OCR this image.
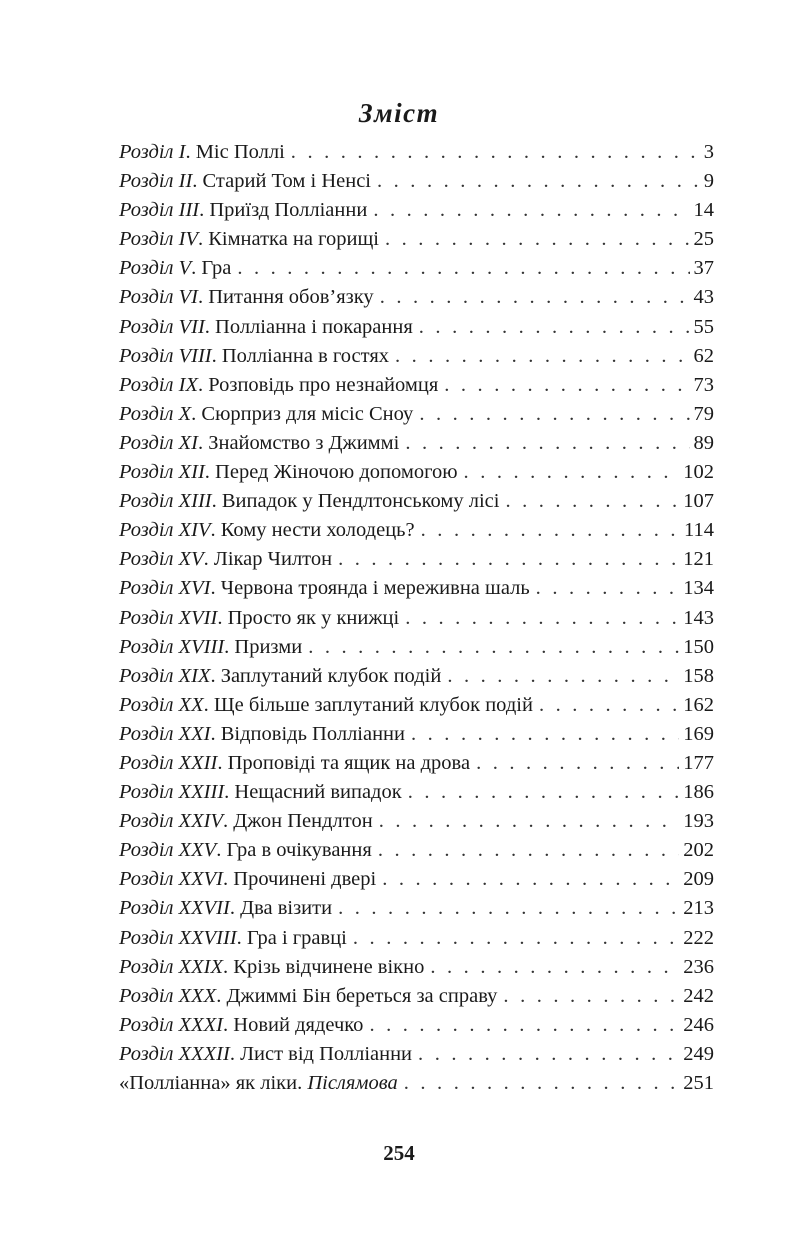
Зміст
Розділ I. Міс Поллі . . .	3
Розділ II. Старий Том і Ненсі . . .	9
Розділ III. Приїзд Полліанни . . .	14
Розділ IV. Кімнатка на горищі . . .	25
Розділ V. Гра . . .	37
Розділ VI. Питання обов’язку . . .	43
Розділ VII. Полліанна і покарання . . .	55
Розділ VIII. Полліанна в гостях . . .	62
Розділ IX. Розповідь про незнайомця . . .	73
Розділ X. Сюрприз для місіс Сноу . . .	79
Розділ XI. Знайомство з Джиммі . . .	89
Розділ XII. Перед Жіночою допомогою . . .	102
Розділ XIII. Випадок у Пендлтонському лісі . . .	107
Розділ XIV. Кому нести холодець? . . .	114
Розділ XV. Лікар Чилтон . . .	121
Розділ XVI. Червона троянда і мереживна шаль . . .	134
Розділ XVII. Просто як у книжці . . .	143
Розділ XVIII. Призми . . .	150
Розділ XIX. Заплутаний клубок подій . . .	158
Розділ XX. Ще більше заплутаний клубок подій . . .	162
Розділ XXI. Відповідь Полліанни . . .	169
Розділ XXII. Проповіді та ящик на дрова . . .	177
Розділ XXIII. Нещасний випадок . . .	186
Розділ XXIV. Джон Пендлтон . . .	193
Розділ XXV. Гра в очікування . . .	202
Розділ XXVI. Прочинені двері . . .	209
Розділ XXVII. Два візити . . .	213
Розділ XXVIII. Гра і гравці . . .	222
Розділ XXIX. Крізь відчинене вікно . . .	236
Розділ XXX. Джиммі Бін береться за справу . . .	242
Розділ XXXI. Новий дядечко . . .	246
Розділ XXXII. Лист від Полліанни . . .	249
«Полліанна» як ліки. Післямова . . .	251
254
